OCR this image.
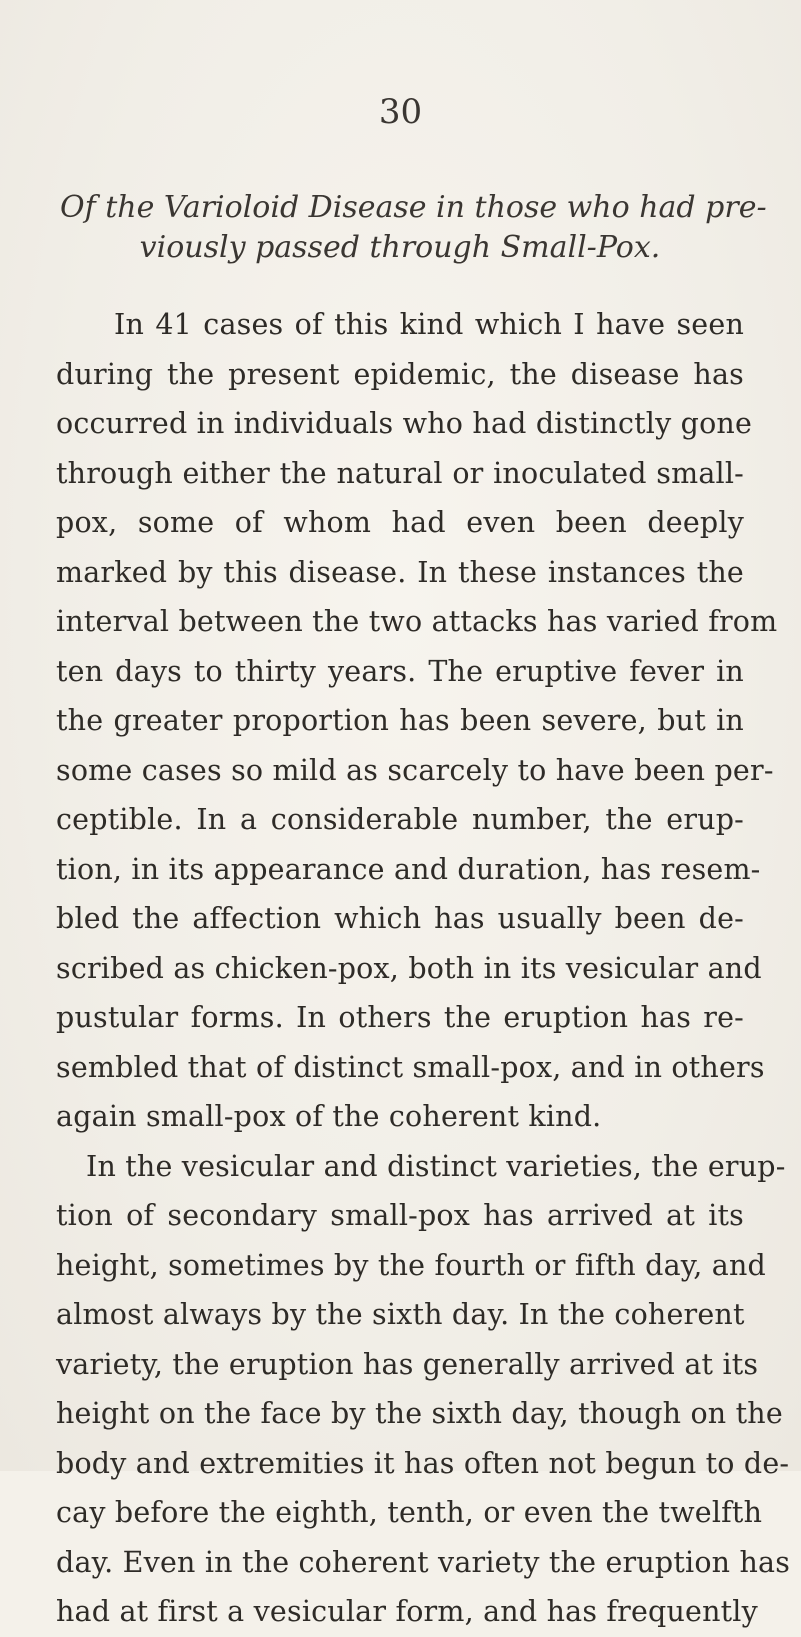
30
Of the Varioloid Disease in those who had pre-
viously passed through Small-Pox.
In 41 cases of this kind which I have seen
during the present epidemic, the disease has
occurred in individuals who had distinctly gone
through either the natural or inoculated small-
pox, some of whom had even been deeply
marked by this disease. In these instances the
interval between the two attacks has varied from
ten days to thirty years. The eruptive fever in
the greater proportion has been severe, but in
some cases so mild as scarcely to have been per-
ceptible. In a considerable number, the erup-
tion, in its appearance and duration, has resem-
bled the affection which has usually been de-
scribed as chicken-pox, both in its vesicular and
pustular forms. In others the eruption has re-
sembled that of distinct small-pox, and in others
again small-pox of the coherent kind.
In the vesicular and distinct varieties, the erup-
tion of secondary small-pox has arrived at its
height, sometimes by the fourth or fifth day, and
almost always by the sixth day. In the coherent
variety, the eruption has generally arrived at its
height on the face by the sixth day, though on the
body and extremities it has often not begun to de-
cay before the eighth, tenth, or even the twelfth
day. Even in the coherent variety the eruption has
had at first a vesicular form, and has frequently
